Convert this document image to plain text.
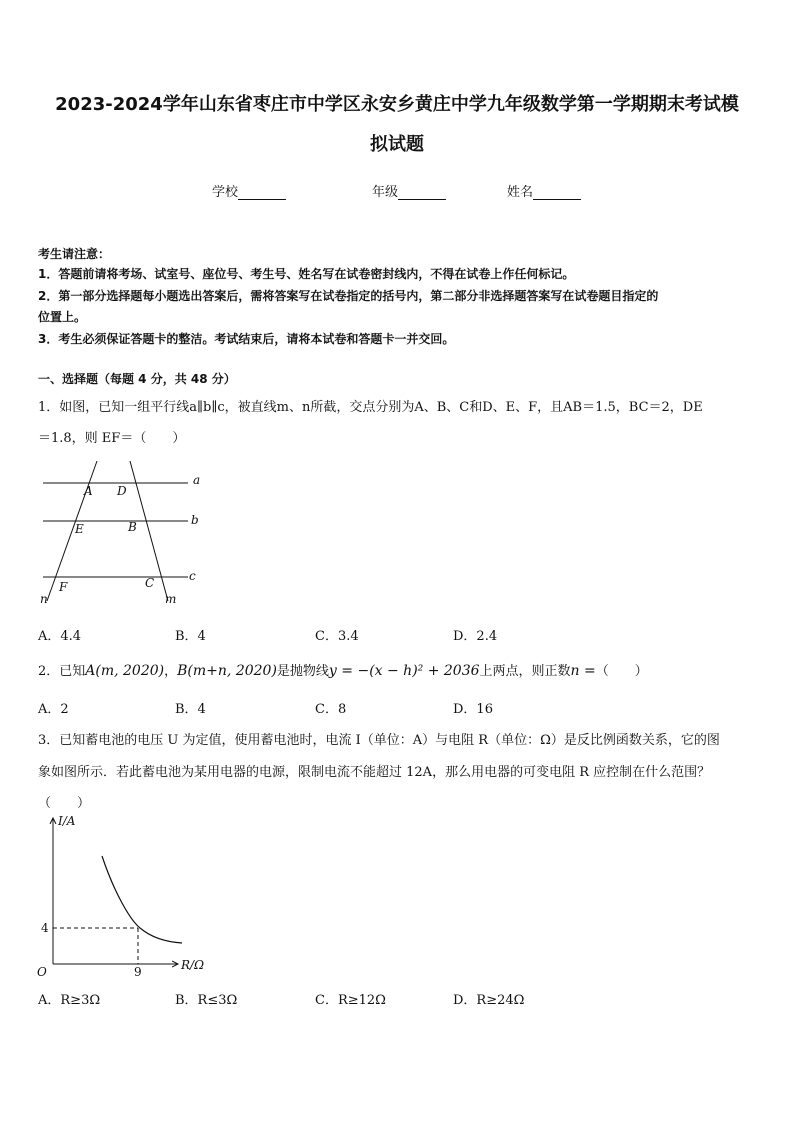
2023-2024学年山东省枣庄市中学区永安乡黄庄中学九年级数学第一学期期末考试模
拟试题
学校	年级	姓名
考生请注意：
1．答题前请将考场、试室号、座位号、考生号、姓名写在试卷密封线内，不得在试卷上作任何标记。
2．第一部分选择题每小题选出答案后，需将答案写在试卷指定的括号内，第二部分非选择题答案写在试卷题目指定的
位置上。
3．考生必须保证答题卡的整洁。考试结束后，请将本试卷和答题卡一并交回。
一、选择题（每题 4 分，共 48 分）
1．如图，已知一组平行线a∥b∥c，被直线m、n所截，交点分别为A、B、C和D、E、F，且AB＝1.5，BC＝2，DE
＝1.8，则 EF＝（　　）
a
b
c
A D
E	B
F	C
n	m
A．4.4	B．4	C．3.4	D．2.4
2．已知A(m, 2020)，B(m+n, 2020)是抛物线y = −(x − h)² + 2036上两点，则正数n =（　　）
A．2	B．4	C．8	D．16
3．已知蓄电池的电压 U 为定值，使用蓄电池时，电流 I（单位：A）与电阻 R（单位：Ω）是反比例函数关系，它的图
象如图所示．若此蓄电池为某用电器的电源，限制电流不能超过 12A，那么用电器的可变电阻 R 应控制在什么范围？
（　　）
I/A
R/Ω
O
4
9
A．R≥3Ω	B．R≤3Ω	C．R≥12Ω	D．R≥24Ω
